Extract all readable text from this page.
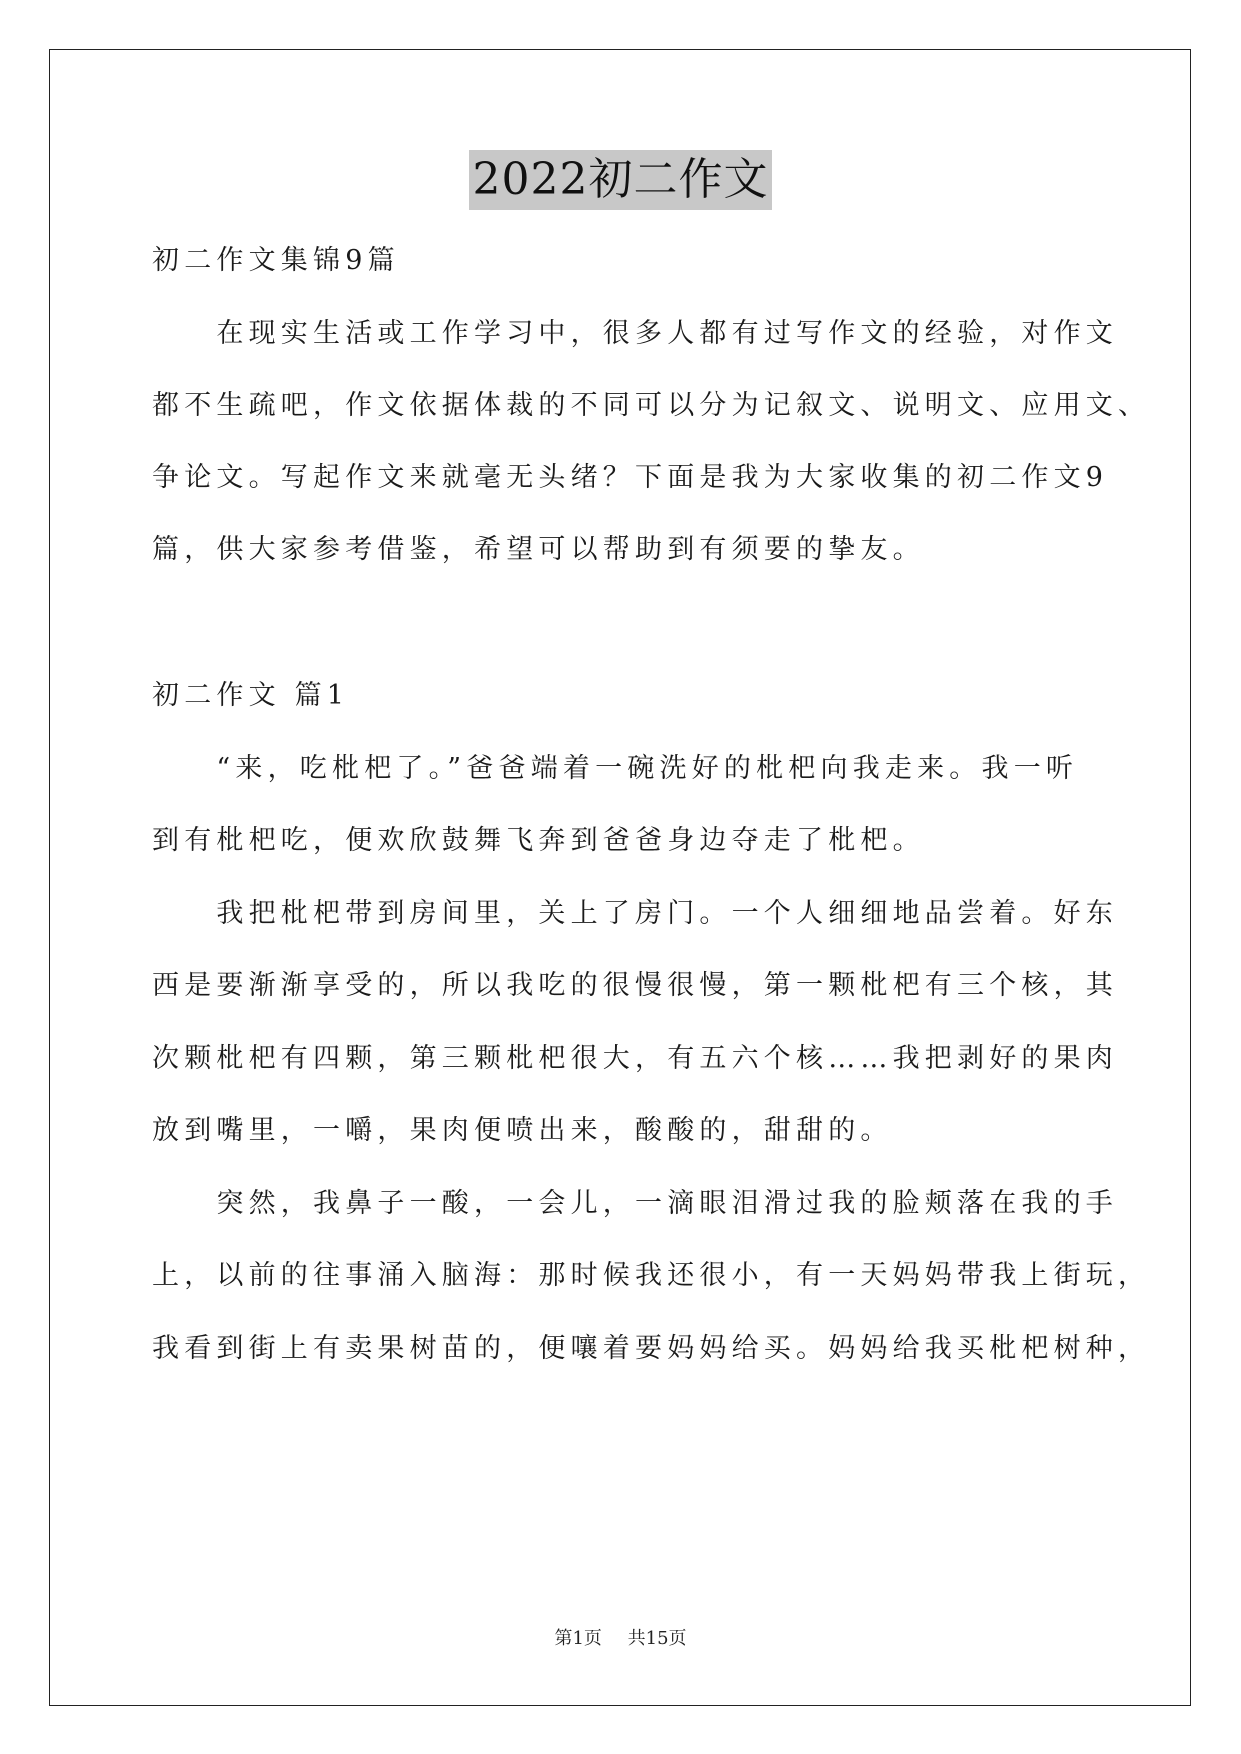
2022初二作文
初二作文集锦9篇
　　在现实生活或工作学习中，很多人都有过写作文的经验，对作文
都不生疏吧，作文依据体裁的不同可以分为记叙文、说明文、应用文、
争论文。写起作文来就毫无头绪？下面是我为大家收集的初二作文9
篇，供大家参考借鉴，希望可以帮助到有须要的挚友。
初二作文 篇1
　　“来，吃枇杷了。”爸爸端着一碗洗好的枇杷向我走来。我一听
到有枇杷吃，便欢欣鼓舞飞奔到爸爸身边夺走了枇杷。
　　我把枇杷带到房间里，关上了房门。一个人细细地品尝着。好东
西是要渐渐享受的，所以我吃的很慢很慢，第一颗枇杷有三个核，其
次颗枇杷有四颗，第三颗枇杷很大，有五六个核……我把剥好的果肉
放到嘴里，一嚼，果肉便喷出来，酸酸的，甜甜的。
　　突然，我鼻子一酸，一会儿，一滴眼泪滑过我的脸颊落在我的手
上，以前的往事涌入脑海：那时候我还很小，有一天妈妈带我上街玩，
我看到街上有卖果树苗的，便嚷着要妈妈给买。妈妈给我买枇杷树种，
第1页 共15页
